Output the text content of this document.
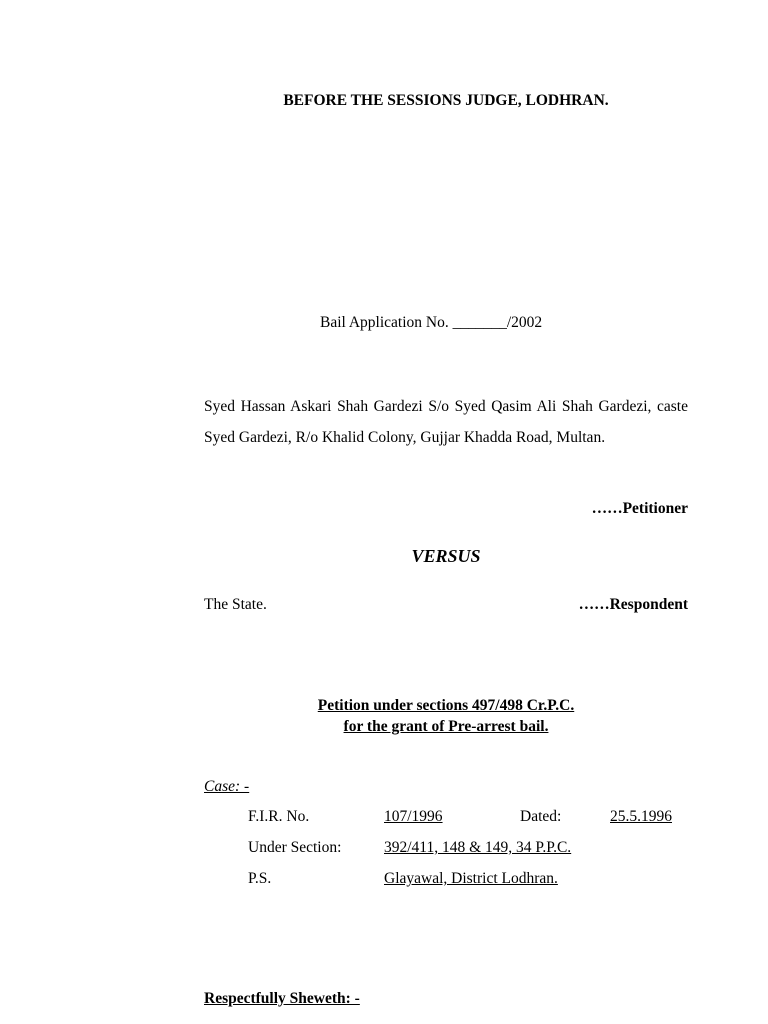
BEFORE THE SESSIONS JUDGE, LODHRAN.
Bail Application No. _______/2002
Syed Hassan Askari Shah Gardezi S/o Syed Qasim Ali Shah Gardezi, caste Syed Gardezi, R/o Khalid Colony, Gujjar Khadda Road, Multan.
……Petitioner
VERSUS
The State.	……Respondent
Petition under sections 497/498 Cr.P.C.
for the grant of Pre-arrest bail.
Case: -
F.I.R. No.	107/1996	Dated:	25.5.1996
Under Section:	392/411, 148 & 149, 34 P.P.C.
P.S.	Glayawal, District Lodhran.
Respectfully Sheweth: -
